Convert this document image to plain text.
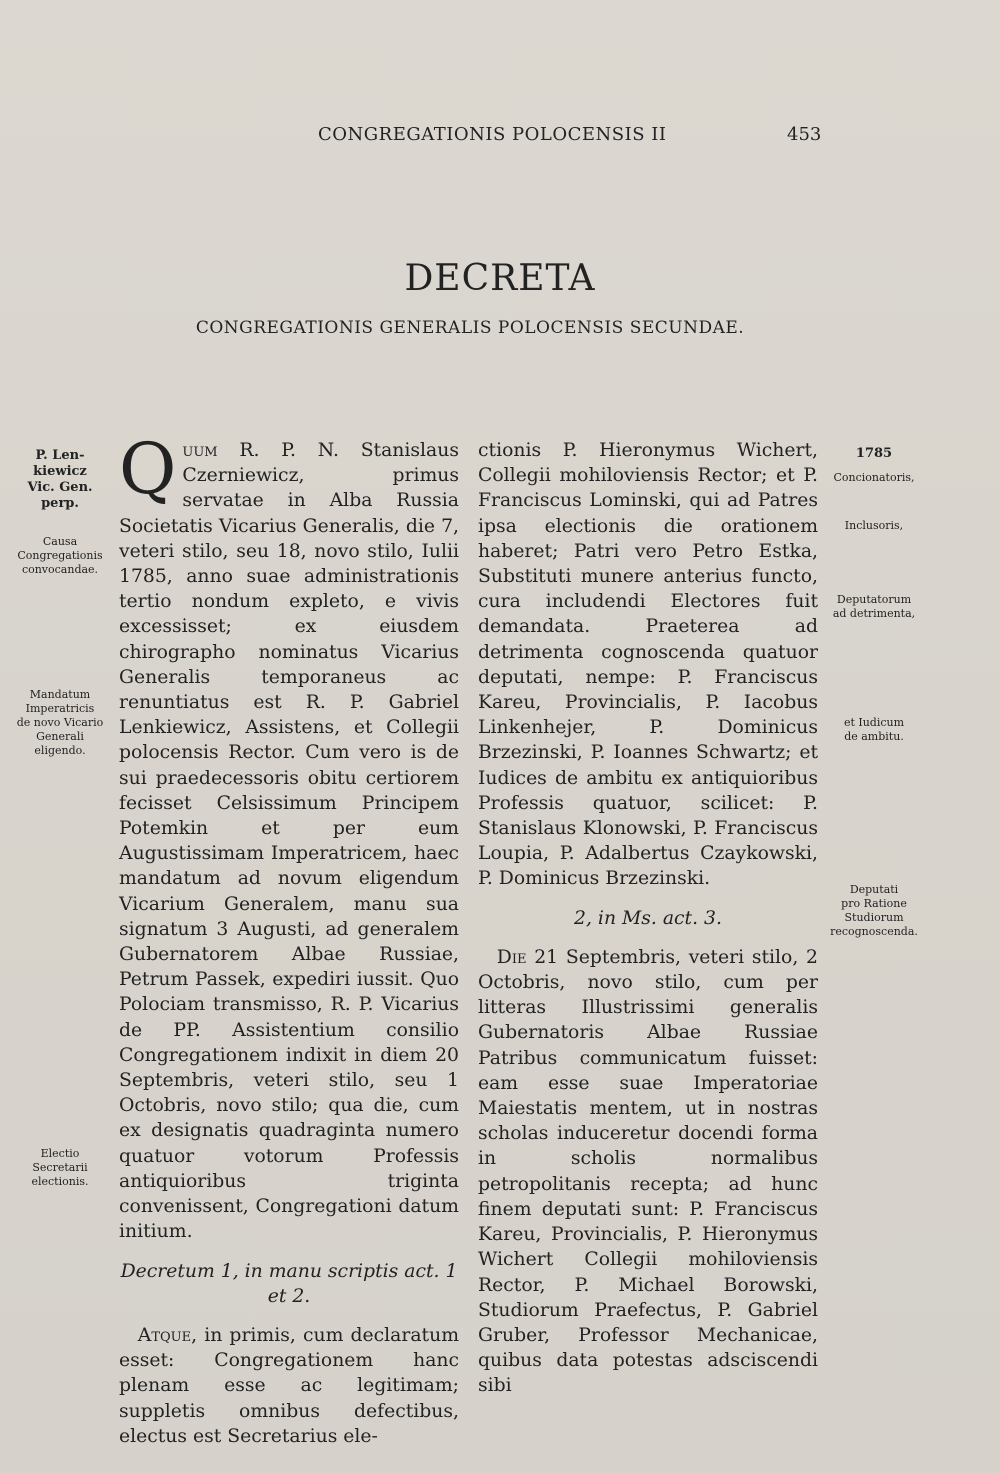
CONGREGATIONIS POLOCENSIS II	453
DECRETA
CONGREGATIONIS GENERALIS POLOCENSIS SECUNDAE.
P. Len-
kiewicz
Vic. Gen.
perp.
Causa
Congregationis
convocandae.
Mandatum
Imperatricis
de novo Vicario
Generali
eligendo.
Electio
Secretarii
electionis.
1785
Concionatoris,
Inclusoris,
Deputatorum
ad detrimenta,
et Iudicum
de ambitu.
Deputati
pro Ratione
Studiorum
recognoscenda.

Quum R. P. N. Stanislaus Czerniewicz, primus servatae in Alba Russia Societatis Vicarius Generalis, die 7, veteri stilo, seu 18, novo stilo, Iulii 1785, anno suae administrationis tertio nondum expleto, e vivis excessisset; ex eiusdem chirographo nominatus Vicarius Generalis temporaneus ac renuntiatus est R. P. Gabriel Lenkiewicz, Assistens, et Collegii polocensis Rector. Cum vero is de sui praedecessoris obitu certiorem fecisset Celsissimum Principem Potemkin et per eum Augustissimam Imperatricem, haec mandatum ad novum eligendum Vicarium Generalem, manu sua signatum 3 Augusti, ad generalem Gubernatorem Albae Russiae, Petrum Passek, expediri iussit. Quo Polociam transmisso, R. P. Vicarius de PP. Assistentium consilio Congregationem indixit in diem 20 Septembris, veteri stilo, seu 1 Octobris, novo stilo; qua die, cum ex designatis quadraginta numero quatuor votorum Professis antiquioribus triginta convenissent, Congregationi datum initium.

Decretum 1, in manu scriptis act. 1 et 2.

 Atque, in primis, cum declaratum esset: Congregationem hanc plenam esse ac legitimam; suppletis omnibus defectibus, electus est Secretarius ele-

ctionis P. Hieronymus Wichert, Collegii mohiloviensis Rector; et P. Franciscus Lominski, qui ad Patres ipsa electionis die orationem haberet; Patri vero Petro Estka, Substituti munere anterius functo, cura includendi Electores fuit demandata. Praeterea ad detrimenta cognoscenda quatuor deputati, nempe: P. Franciscus Kareu, Provincialis, P. Iacobus Linkenhejer, P. Dominicus Brzezinski, P. Ioannes Schwartz; et Iudices de ambitu ex antiquioribus Professis quatuor, scilicet: P. Stanislaus Klonowski, P. Franciscus Loupia, P. Adalbertus Czaykowski, P. Dominicus Brzezinski.

2, in Ms. act. 3.

 Die 21 Septembris, veteri stilo, 2 Octobris, novo stilo, cum per litteras Illustrissimi generalis Gubernatoris Albae Russiae Patribus communicatum fuisset: eam esse suae Imperatoriae Maiestatis mentem, ut in nostras scholas induceretur docendi forma in scholis normalibus petropolitanis recepta; ad hunc finem deputati sunt: P. Franciscus Kareu, Provincialis, P. Hieronymus Wichert Collegii mohiloviensis Rector, P. Michael Borowski, Studiorum Praefectus, P. Gabriel Gruber, Professor Mechanicae, quibus data potestas adsciscendi sibi
